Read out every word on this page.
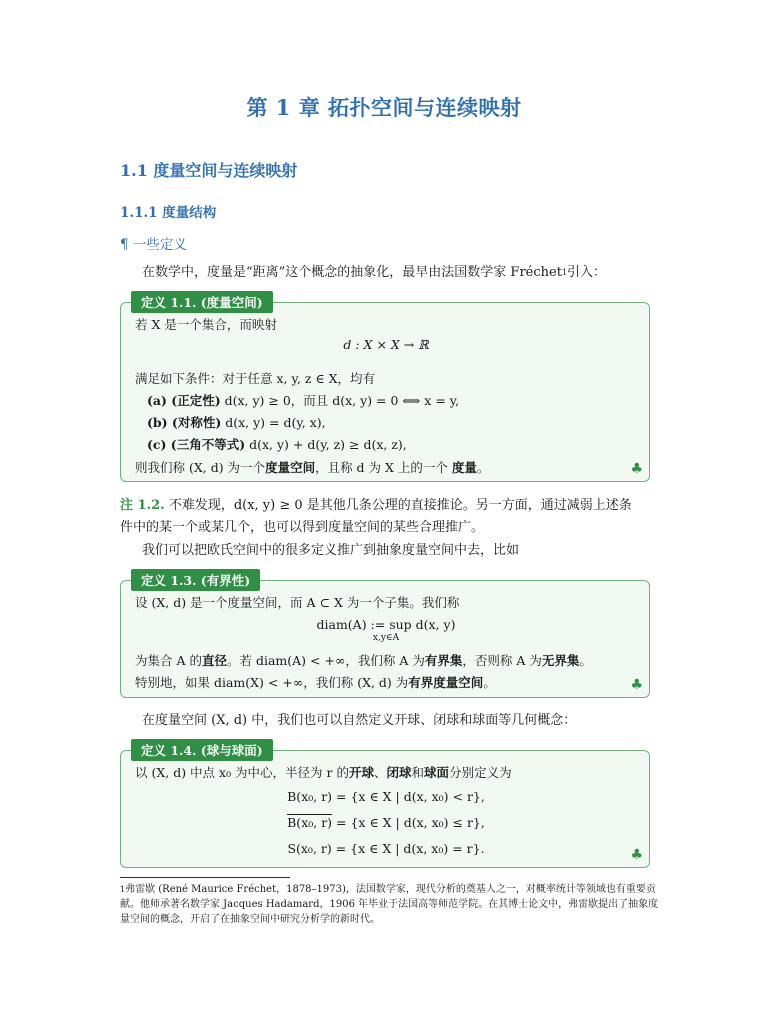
第 1 章 拓扑空间与连续映射
1.1 度量空间与连续映射
1.1.1 度量结构
¶ 一些定义
在数学中，度量是“距离”这个概念的抽象化，最早由法国数学家 Fréchet$^1$引入：
定义 1.1. (度量空间)
若 X 是一个集合，而映射
d : X × X → ℝ
满足如下条件：对于任意 x, y, z ∈ X，均有
(a) (正定性) d(x, y) ≥ 0，而且 d(x, y) = 0 ⟺ x = y,
(b) (对称性) d(x, y) = d(y, x),
(c) (三角不等式) d(x, y) + d(y, z) ≥ d(x, z),
则我们称 (X, d) 为一个度量空间，且称 d 为 X 上的一个 度量。	♣
注 1.2. 不难发现，d(x, y) ≥ 0 是其他几条公理的直接推论。另一方面，通过减弱上述条
件中的某一个或某几个，也可以得到度量空间的某些合理推广。
我们可以把欧氏空间中的很多定义推广到抽象度量空间中去，比如
定义 1.3. (有界性)
设 (X, d) 是一个度量空间，而 A ⊂ X 为一个子集。我们称
diam(A) := sup d(x, y)
x,y∈A
为集合 A 的直径。若 diam(A) < +∞，我们称 A 为有界集，否则称 A 为无界集。
特别地，如果 diam(X) < +∞，我们称 (X, d) 为有界度量空间。	♣
在度量空间 (X, d) 中，我们也可以自然定义开球、闭球和球面等几何概念：
定义 1.4. (球与球面)
以 (X, d) 中点 x₀ 为中心，半径为 r 的开球、闭球和球面分别定义为
B(x₀, r) = {x ∈ X | d(x, x₀) < r},
B(x₀, r) = {x ∈ X | d(x, x₀) ≤ r},
S(x₀, r) = {x ∈ X | d(x, x₀) = r}.	♣
$^1$弗雷歇 (René Maurice Fréchet，1878–1973)，法国数学家，现代分析的奠基人之一，对概率统计等领域也有重要贡献。他师承著名数学家 Jacques Hadamard，1906 年毕业于法国高等师范学院。在其博士论文中，弗雷歇提出了抽象度量空间的概念，开启了在抽象空间中研究分析学的新时代。
